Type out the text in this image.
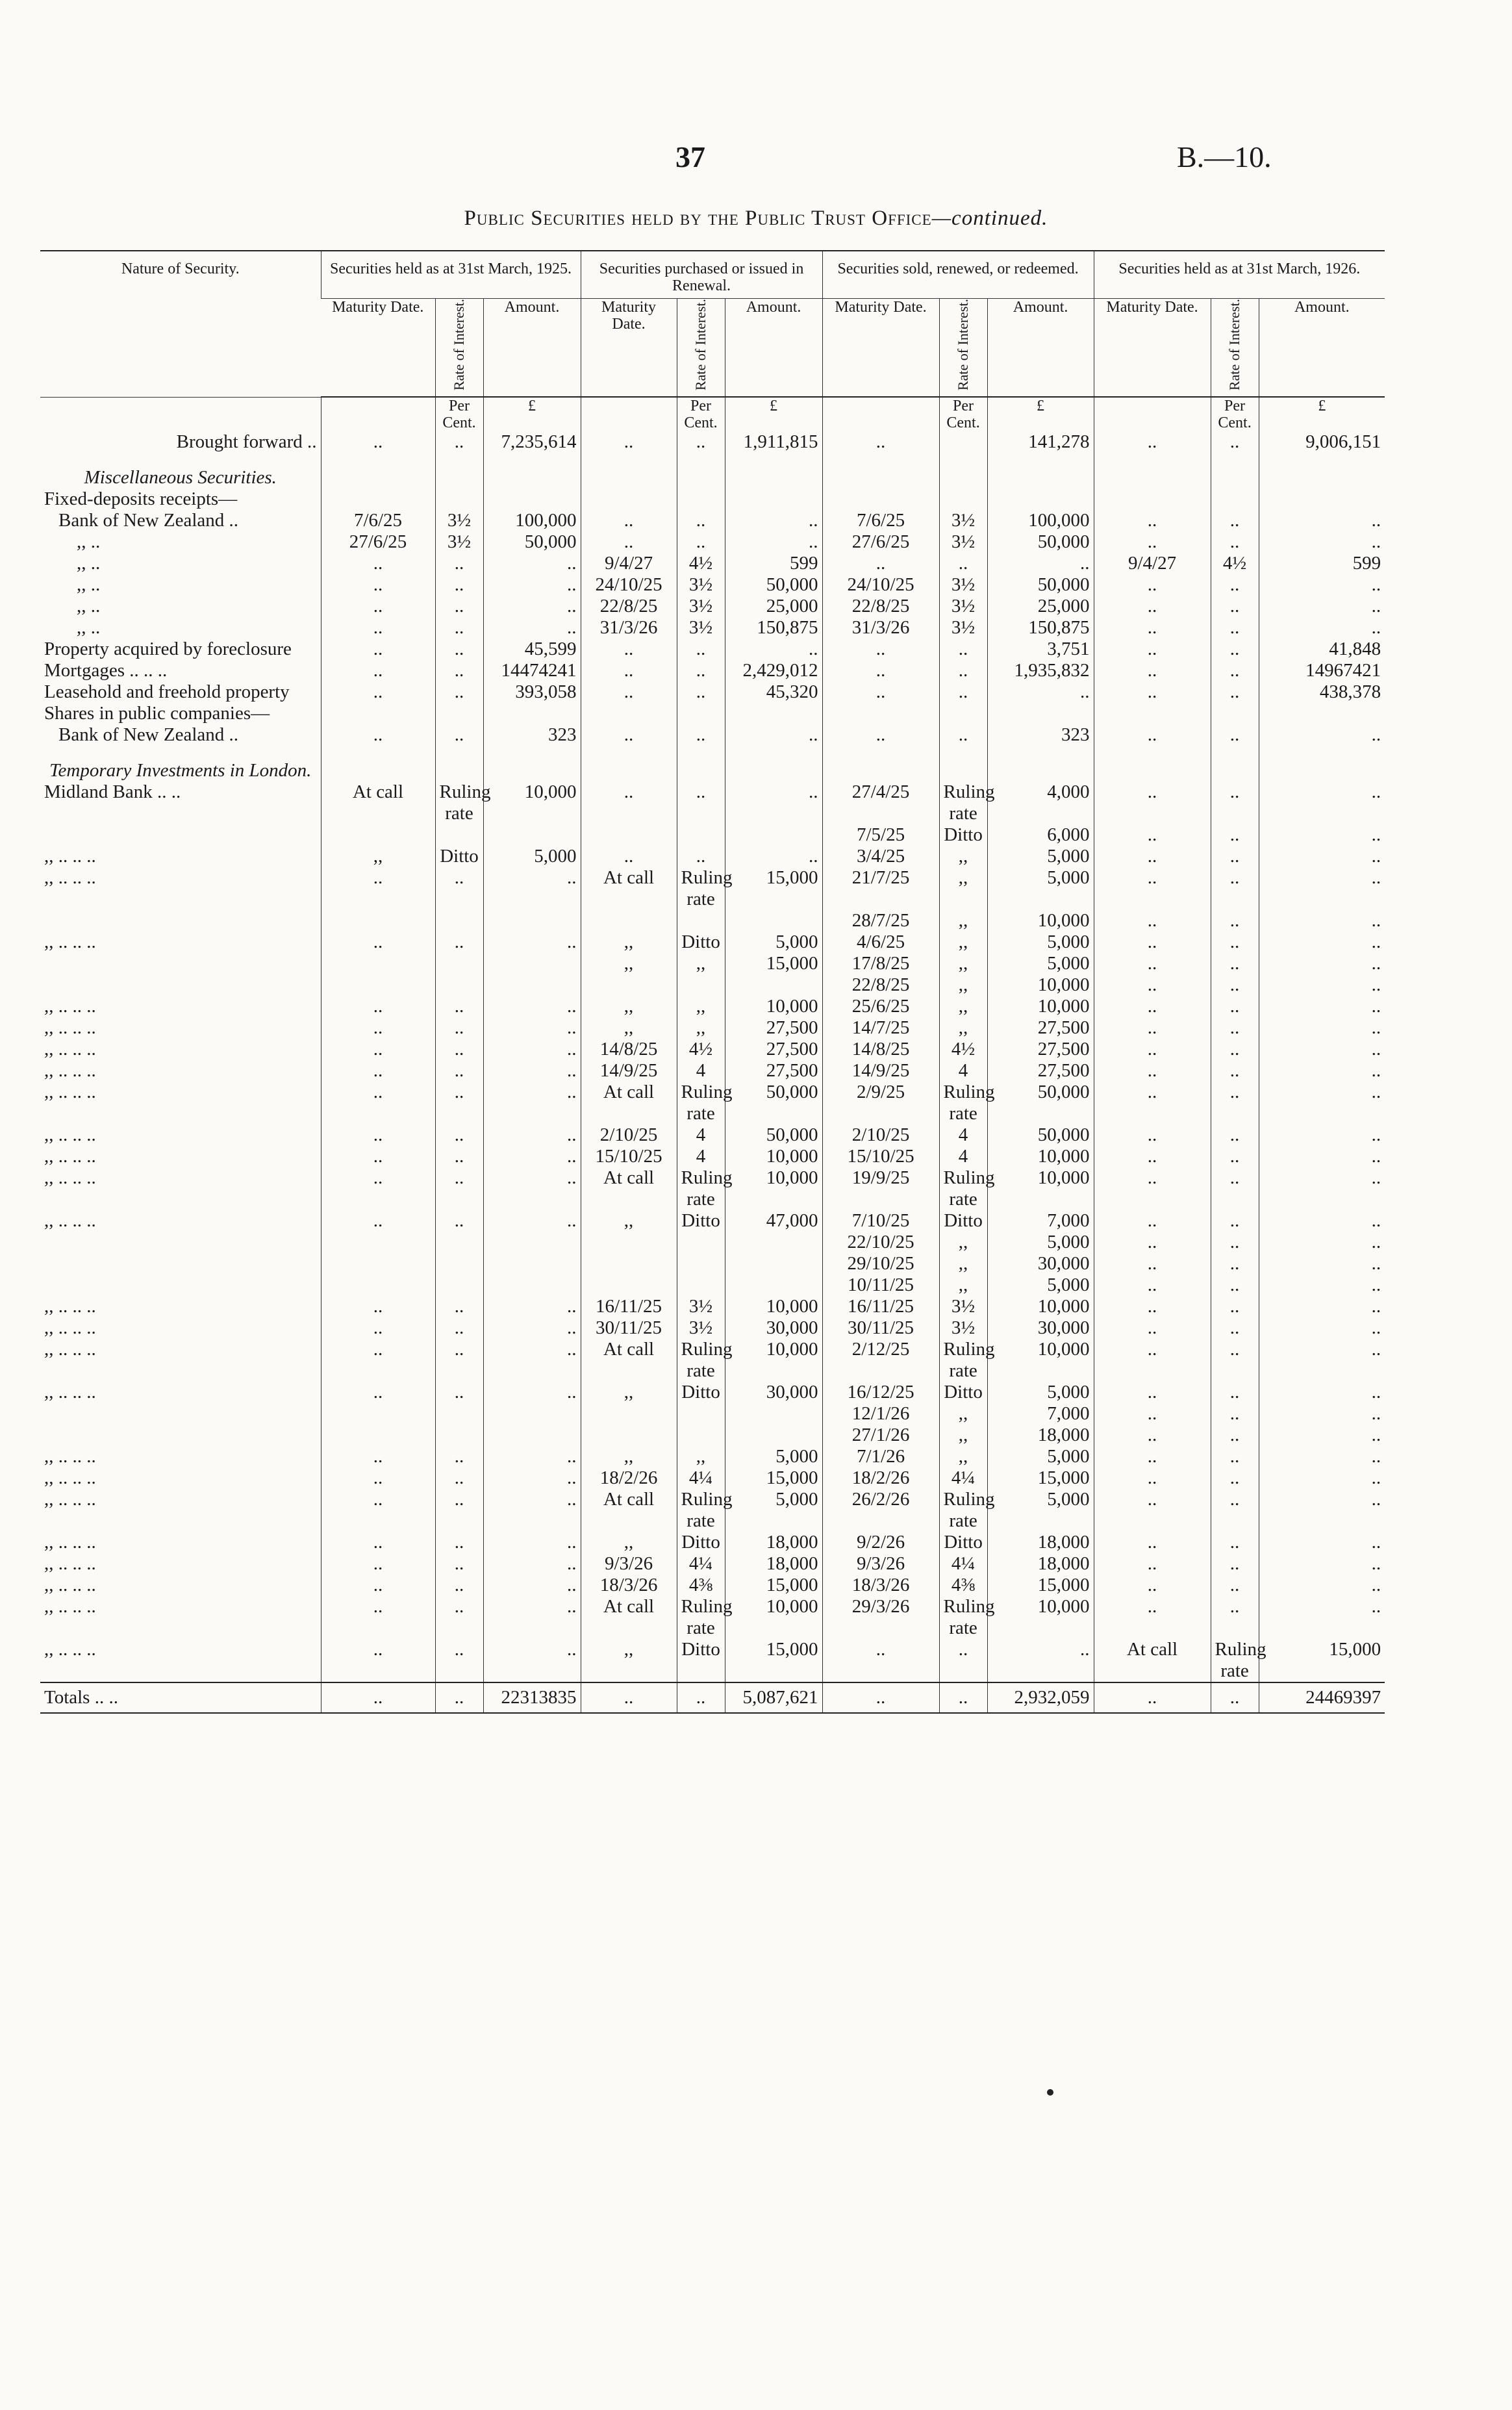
37	B.—10.
Public Securities held by the Public Trust Office—continued.
Nature of Security.	Securities held as at 31st March, 1925.			Securities purchased or issued in Renewal.			Securities sold, renewed, or redeemed.			Securities held as at 31st March, 1926.		
	Maturity Date.	Rate of Interest.	Amount.	Maturity Date.	Rate of Interest.	Amount.	Maturity Date.	Rate of Interest.	Amount.	Maturity Date.	Rate of Interest.	Amount.
		Per Cent.	£		Per Cent.	£		Per Cent.	£		Per Cent.	£
Brought forward ..	..	..	7,235,614	..	..	1,911,815	..		141,278	..	..	9,006,151

Miscellaneous Securities.												
Fixed-deposits receipts—												
Bank of New Zealand ..	7/6/25	3½	100,000	..	..	..	7/6/25	3½	100,000	..	..	..
,, ..	27/6/25	3½	50,000	..	..	..	27/6/25	3½	50,000	..	..	..
,, ..	..	..	..	9/4/27	4½	599	..	..	..	9/4/27	4½	599
,, ..	..	..	..	24/10/25	3½	50,000	24/10/25	3½	50,000	..	..	..
,, ..	..	..	..	22/8/25	3½	25,000	22/8/25	3½	25,000	..	..	..
,, ..	..	..	..	31/3/26	3½	150,875	31/3/26	3½	150,875	..	..	..
Property acquired by foreclosure	..	..	45,599	..	..	..	..	..	3,751	..	..	41,848
Mortgages .. .. ..	..	..	14474241	..	..	2,429,012	..	..	1,935,832	..	..	14967421
Leasehold and freehold property	..	..	393,058	..	..	45,320	..	..	..	..	..	438,378
Shares in public companies—												
Bank of New Zealand ..	..	..	323	..	..	..	..	..	323	..	..	..

Temporary Investments in London.												
Midland Bank .. ..	At call	Ruling rate	10,000	..	..	..	27/4/25	Ruling rate	4,000	..	..	..
							7/5/25	Ditto	6,000	..	..	..
,, .. .. ..	,,	Ditto	5,000	..	..	..	3/4/25	,,	5,000	..	..	..
,, .. .. ..	..	..	..	At call	Ruling rate	15,000	21/7/25	,,	5,000	..	..	..
							28/7/25	,,	10,000	..	..	..
,, .. .. ..	..	..	..	,,	Ditto	5,000	4/6/25	,,	5,000	..	..	..
				,,	,,	15,000	17/8/25	,,	5,000	..	..	..
							22/8/25	,,	10,000	..	..	..
,, .. .. ..	..	..	..	,,	,,	10,000	25/6/25	,,	10,000	..	..	..
,, .. .. ..	..	..	..	,,	,,	27,500	14/7/25	,,	27,500	..	..	..
,, .. .. ..	..	..	..	14/8/25	4½	27,500	14/8/25	4½	27,500	..	..	..
,, .. .. ..	..	..	..	14/9/25	4	27,500	14/9/25	4	27,500	..	..	..
,, .. .. ..	..	..	..	At call	Ruling rate	50,000	2/9/25	Ruling rate	50,000	..	..	..
,, .. .. ..	..	..	..	2/10/25	4	50,000	2/10/25	4	50,000	..	..	..
,, .. .. ..	..	..	..	15/10/25	4	10,000	15/10/25	4	10,000	..	..	..
,, .. .. ..	..	..	..	At call	Ruling rate	10,000	19/9/25	Ruling rate	10,000	..	..	..
,, .. .. ..	..	..	..	,,	Ditto	47,000	7/10/25	Ditto	7,000	..	..	..
							22/10/25	,,	5,000	..	..	..
							29/10/25	,,	30,000	..	..	..
							10/11/25	,,	5,000	..	..	..
,, .. .. ..	..	..	..	16/11/25	3½	10,000	16/11/25	3½	10,000	..	..	..
,, .. .. ..	..	..	..	30/11/25	3½	30,000	30/11/25	3½	30,000	..	..	..
,, .. .. ..	..	..	..	At call	Ruling rate	10,000	2/12/25	Ruling rate	10,000	..	..	..
,, .. .. ..	..	..	..	,,	Ditto	30,000	16/12/25	Ditto	5,000	..	..	..
							12/1/26	,,	7,000	..	..	..
							27/1/26	,,	18,000	..	..	..
,, .. .. ..	..	..	..	,,	,,	5,000	7/1/26	,,	5,000	..	..	..
,, .. .. ..	..	..	..	18/2/26	4¼	15,000	18/2/26	4¼	15,000	..	..	..
,, .. .. ..	..	..	..	At call	Ruling rate	5,000	26/2/26	Ruling rate	5,000	..	..	..
,, .. .. ..	..	..	..	,,	Ditto	18,000	9/2/26	Ditto	18,000	..	..	..
,, .. .. ..	..	..	..	9/3/26	4¼	18,000	9/3/26	4¼	18,000	..	..	..
,, .. .. ..	..	..	..	18/3/26	4⅜	15,000	18/3/26	4⅜	15,000	..	..	..
,, .. .. ..	..	..	..	At call	Ruling rate	10,000	29/3/26	Ruling rate	10,000	..	..	..
,, .. .. ..	..	..	..	,,	Ditto	15,000	..	..	..	At call	Ruling rate	15,000
Totals .. ..	..	..	22313835	..	..	5,087,621	..	..	2,932,059	..	..	24469397
